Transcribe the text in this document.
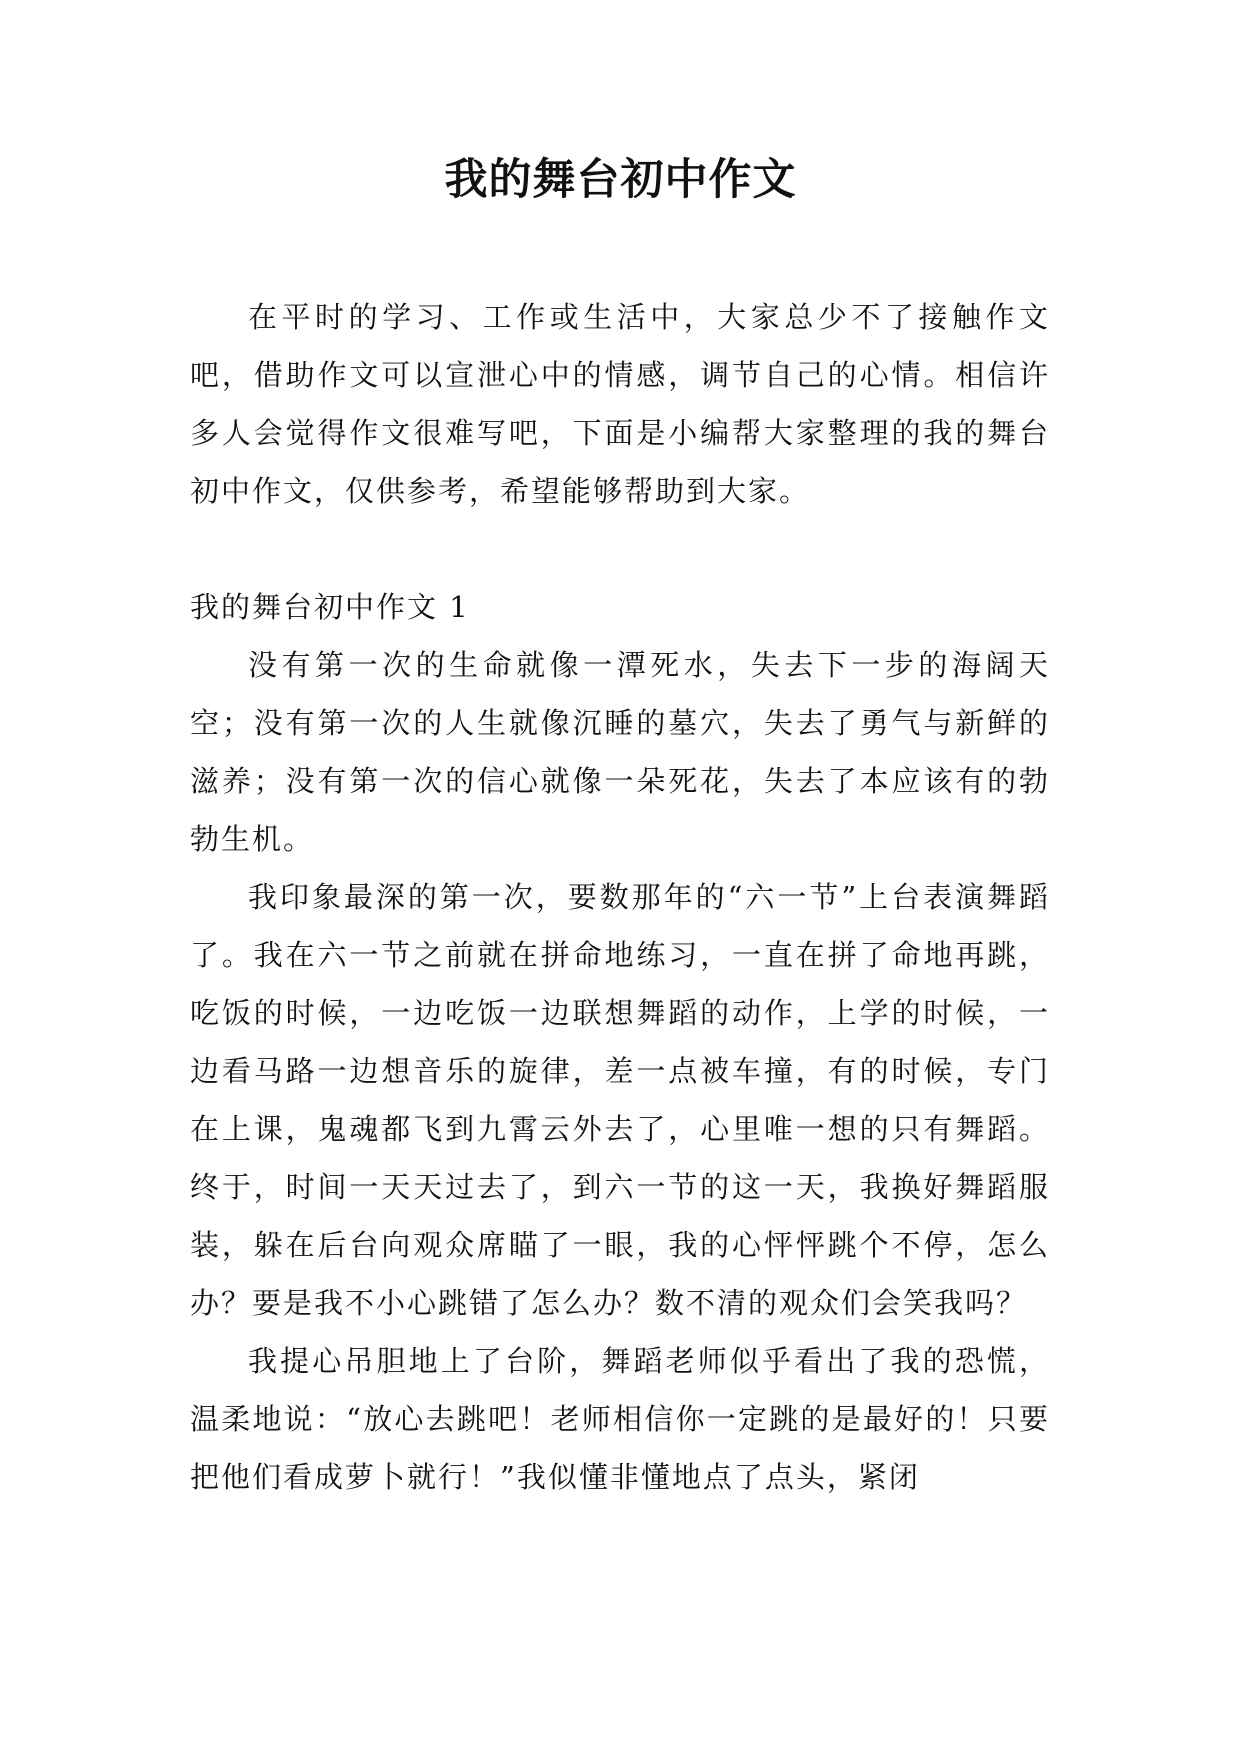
我的舞台初中作文

在平时的学习、工作或生活中，大家总少不了接触作文吧，借助作文可以宣泄心中的情感，调节自己的心情。相信许多人会觉得作文很难写吧，下面是小编帮大家整理的我的舞台初中作文，仅供参考，希望能够帮助到大家。

我的舞台初中作文 1

没有第一次的生命就像一潭死水，失去下一步的海阔天空；没有第一次的人生就像沉睡的墓穴，失去了勇气与新鲜的滋养；没有第一次的信心就像一朵死花，失去了本应该有的勃勃生机。

我印象最深的第一次，要数那年的“六一节”上台表演舞蹈了。我在六一节之前就在拼命地练习，一直在拼了命地再跳，吃饭的时候，一边吃饭一边联想舞蹈的动作，上学的时候，一边看马路一边想音乐的旋律，差一点被车撞，有的时候，专门在上课，鬼魂都飞到九霄云外去了，心里唯一想的只有舞蹈。终于，时间一天天过去了，到六一节的这一天，我换好舞蹈服装，躲在后台向观众席瞄了一眼，我的心怦怦跳个不停，怎么办？要是我不小心跳错了怎么办？数不清的观众们会笑我吗？

我提心吊胆地上了台阶，舞蹈老师似乎看出了我的恐慌，温柔地说：“放心去跳吧！老师相信你一定跳的是最好的！只要把他们看成萝卜就行！”我似懂非懂地点了点头，紧闭
